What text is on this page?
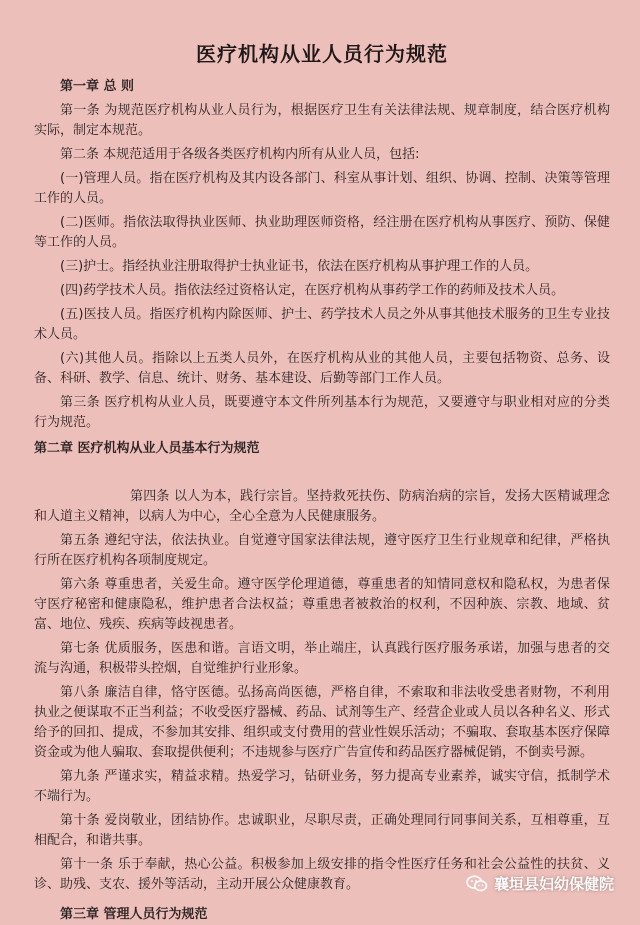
医疗机构从业人员行为规范
第一章 总 则

第一条 为规范医疗机构从业人员行为，根据医疗卫生有关法律法规、规章制度，结合医疗机构实际，制定本规范。

第二条 本规范适用于各级各类医疗机构内所有从业人员，包括:

(一)管理人员。指在医疗机构及其内设各部门、科室从事计划、组织、协调、控制、决策等管理工作的人员。

(二)医师。指依法取得执业医师、执业助理医师资格，经注册在医疗机构从事医疗、预防、保健等工作的人员。

(三)护士。指经执业注册取得护士执业证书，依法在医疗机构从事护理工作的人员。

(四)药学技术人员。指依法经过资格认定，在医疗机构从事药学工作的药师及技术人员。

(五)医技人员。指医疗机构内除医师、护士、药学技术人员之外从事其他技术服务的卫生专业技术人员。

(六)其他人员。指除以上五类人员外，在医疗机构从业的其他人员，主要包括物资、总务、设备、科研、教学、信息、统计、财务、基本建设、后勤等部门工作人员。

第三条 医疗机构从业人员，既要遵守本文件所列基本行为规范，又要遵守与职业相对应的分类行为规范。

第二章 医疗机构从业人员基本行为规范

第四条 以人为本，践行宗旨。坚持救死扶伤、防病治病的宗旨，发扬大医精诚理念和人道主义精神，以病人为中心，全心全意为人民健康服务。

第五条 遵纪守法，依法执业。自觉遵守国家法律法规，遵守医疗卫生行业规章和纪律，严格执行所在医疗机构各项制度规定。

第六条 尊重患者，关爱生命。遵守医学伦理道德，尊重患者的知情同意权和隐私权，为患者保守医疗秘密和健康隐私，维护患者合法权益；尊重患者被救治的权利，不因种族、宗教、地域、贫富、地位、残疾、疾病等歧视患者。

第七条 优质服务，医患和谐。言语文明，举止端庄，认真践行医疗服务承诺，加强与患者的交流与沟通，积极带头控烟，自觉维护行业形象。

第八条 廉洁自律，恪守医德。弘扬高尚医德，严格自律，不索取和非法收受患者财物，不利用执业之便谋取不正当利益；不收受医疗器械、药品、试剂等生产、经营企业或人员以各种名义、形式给予的回扣、提成，不参加其安排、组织或支付费用的营业性娱乐活动；不骗取、套取基本医疗保障资金或为他人骗取、套取提供便利；不违规参与医疗广告宣传和药品医疗器械促销，不倒卖号源。

第九条 严谨求实，精益求精。热爱学习，钻研业务，努力提高专业素养，诚实守信，抵制学术不端行为。

第十条 爱岗敬业，团结协作。忠诚职业，尽职尽责，正确处理同行同事间关系，互相尊重，互相配合，和谐共事。

第十一条 乐于奉献，热心公益。积极参加上级安排的指令性医疗任务和社会公益性的扶贫、义诊、助残、支农、援外等活动，主动开展公众健康教育。

第三章 管理人员行为规范
襄垣县妇幼保健院
